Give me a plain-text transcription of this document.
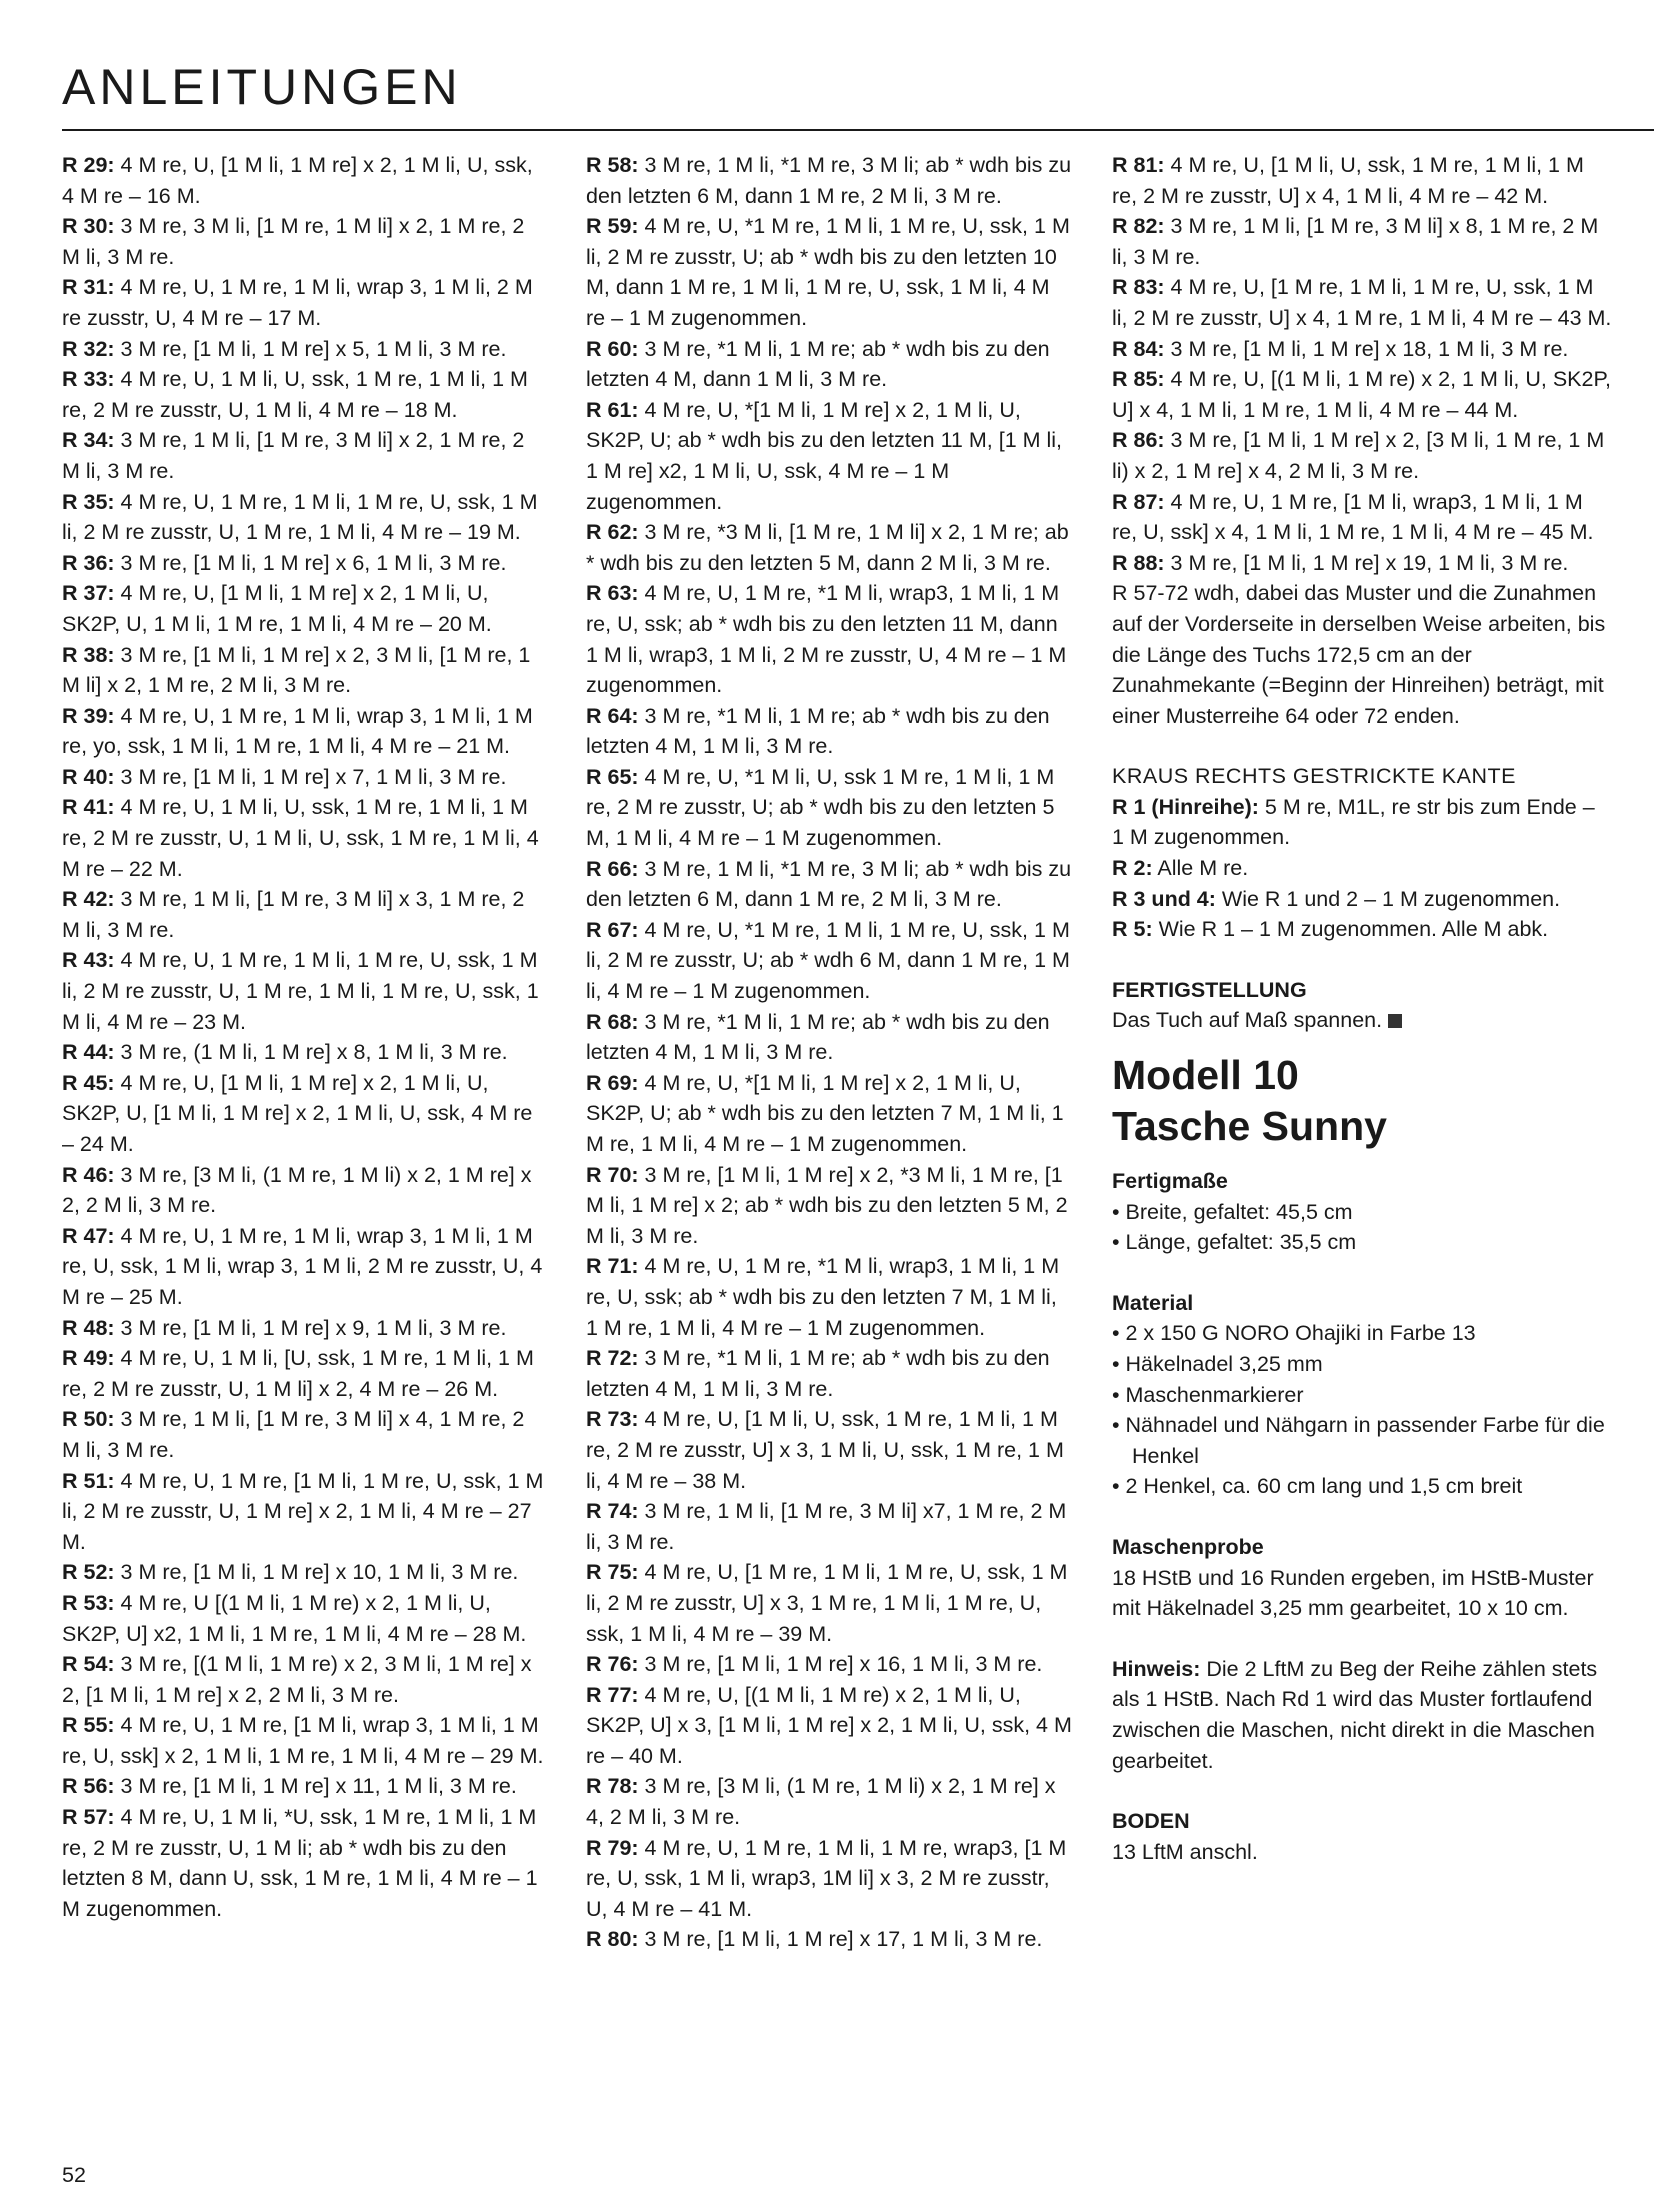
ANLEITUNGEN
R 29: 4 M re, U, [1 M li, 1 M re] x 2, 1 M li, U, ssk, 4 M re – 16 M.
R 30: 3 M re, 3 M li, [1 M re, 1 M li] x 2, 1 M re, 2 M li, 3 M re.
R 31: 4 M re, U, 1 M re, 1 M li, wrap 3, 1 M li, 2 M re zusstr, U, 4 M re – 17 M.
R 32: 3 M re, [1 M li, 1 M re] x 5, 1 M li, 3 M re.
R 33: 4 M re, U, 1 M li, U, ssk, 1 M re, 1 M li, 1 M re, 2 M re zusstr, U, 1 M li, 4 M re – 18 M.
R 34: 3 M re, 1 M li, [1 M re, 3 M li] x 2, 1 M re, 2 M li, 3 M re.
R 35: 4 M re, U, 1 M re, 1 M li, 1 M re, U, ssk, 1 M li, 2 M re zusstr, U, 1 M re, 1 M li, 4 M re – 19 M.
R 36: 3 M re, [1 M li, 1 M re] x 6, 1 M li, 3 M re.
R 37: 4 M re, U, [1 M li, 1 M re] x 2, 1 M li, U, SK2P, U, 1 M li, 1 M re, 1 M li, 4 M re – 20 M.
R 38: 3 M re, [1 M li, 1 M re] x 2, 3 M li, [1 M re, 1 M li] x 2, 1 M re, 2 M li, 3 M re.
R 39: 4 M re, U, 1 M re, 1 M li, wrap 3, 1 M li, 1 M re, yo, ssk, 1 M li, 1 M re, 1 M li, 4 M re – 21 M.
R 40: 3 M re, [1 M li, 1 M re] x 7, 1 M li, 3 M re.
R 41: 4 M re, U, 1 M li, U, ssk, 1 M re, 1 M li, 1 M re, 2 M re zusstr, U, 1 M li, U, ssk, 1 M re, 1 M li, 4 M re – 22 M.
R 42: 3 M re, 1 M li, [1 M re, 3 M li] x 3, 1 M re, 2 M li, 3 M re.
R 43: 4 M re, U, 1 M re, 1 M li, 1 M re, U, ssk, 1 M li, 2 M re zusstr, U, 1 M re, 1 M li, 1 M re, U, ssk, 1 M li, 4 M re – 23 M.
R 44: 3 M re, (1 M li, 1 M re] x 8, 1 M li, 3 M re.
R 45: 4 M re, U, [1 M li, 1 M re] x 2, 1 M li, U, SK2P, U, [1 M li, 1 M re] x 2, 1 M li, U, ssk, 4 M re – 24 M.
R 46: 3 M re, [3 M li, (1 M re, 1 M li) x 2, 1 M re] x 2, 2 M li, 3 M re.
R 47: 4 M re, U, 1 M re, 1 M li, wrap 3, 1 M li, 1 M re, U, ssk, 1 M li, wrap 3, 1 M li, 2 M re zusstr, U, 4 M re – 25 M.
R 48: 3 M re, [1 M li, 1 M re] x 9, 1 M li, 3 M re.
R 49: 4 M re, U, 1 M li, [U, ssk, 1 M re, 1 M li, 1 M re, 2 M re zusstr, U, 1 M li] x 2, 4 M re – 26 M.
R 50: 3 M re, 1 M li, [1 M re, 3 M li] x 4, 1 M re, 2 M li, 3 M re.
R 51: 4 M re, U, 1 M re, [1 M li, 1 M re, U, ssk, 1 M li, 2 M re zusstr, U, 1 M re] x 2, 1 M li, 4 M re – 27 M.
R 52: 3 M re, [1 M li, 1 M re] x 10, 1 M li, 3 M re.
R 53: 4 M re, U [(1 M li, 1 M re) x 2, 1 M li, U, SK2P, U] x2, 1 M li, 1 M re, 1 M li, 4 M re – 28 M.
R 54: 3 M re, [(1 M li, 1 M re) x 2, 3 M li, 1 M re] x 2, [1 M li, 1 M re] x 2, 2 M li, 3 M re.
R 55: 4 M re, U, 1 M re, [1 M li, wrap 3, 1 M li, 1 M re, U, ssk] x 2, 1 M li, 1 M re, 1 M li, 4 M re – 29 M.
R 56: 3 M re, [1 M li, 1 M re] x 11, 1 M li, 3 M re.
R 57: 4 M re, U, 1 M li, *U, ssk, 1 M re, 1 M li, 1 M re, 2 M re zusstr, U, 1 M li; ab * wdh bis zu den letzten 8 M, dann U, ssk, 1 M re, 1 M li, 4 M re – 1 M zugenommen.
R 58: 3 M re, 1 M li, *1 M re, 3 M li; ab * wdh bis zu den letzten 6 M, dann 1 M re, 2 M li, 3 M re.
R 59: 4 M re, U, *1 M re, 1 M li, 1 M re, U, ssk, 1 M li, 2 M re zusstr, U; ab * wdh bis zu den letzten 10 M, dann 1 M re, 1 M li, 1 M re, U, ssk, 1 M li, 4 M re – 1 M zugenommen.
R 60: 3 M re, *1 M li, 1 M re; ab * wdh bis zu den letzten 4 M, dann 1 M li, 3 M re.
R 61: 4 M re, U, *[1 M li, 1 M re] x 2, 1 M li, U, SK2P, U; ab * wdh bis zu den letzten 11 M, [1 M li, 1 M re] x2, 1 M li, U, ssk, 4 M re – 1 M zugenommen.
R 62: 3 M re, *3 M li, [1 M re, 1 M li] x 2, 1 M re; ab * wdh bis zu den letzten 5 M, dann 2 M li, 3 M re.
R 63: 4 M re, U, 1 M re, *1 M li, wrap3, 1 M li, 1 M re, U, ssk; ab * wdh bis zu den letzten 11 M, dann 1 M li, wrap3, 1 M li, 2 M re zusstr, U, 4 M re – 1 M zugenommen.
R 64: 3 M re, *1 M li, 1 M re; ab * wdh bis zu den letzten 4 M, 1 M li, 3 M re.
R 65: 4 M re, U, *1 M li, U, ssk 1 M re, 1 M li, 1 M re, 2 M re zusstr, U; ab * wdh bis zu den letzten 5 M, 1 M li, 4 M re – 1 M zugenommen.
R 66: 3 M re, 1 M li, *1 M re, 3 M li; ab * wdh bis zu den letzten 6 M, dann 1 M re, 2 M li, 3 M re.
R 67: 4 M re, U, *1 M re, 1 M li, 1 M re, U, ssk, 1 M li, 2 M re zusstr, U; ab * wdh 6 M, dann 1 M re, 1 M li, 4 M re – 1 M zugenommen.
R 68: 3 M re, *1 M li, 1 M re; ab * wdh bis zu den letzten 4 M, 1 M li, 3 M re.
R 69: 4 M re, U, *[1 M li, 1 M re] x 2, 1 M li, U, SK2P, U; ab * wdh bis zu den letzten 7 M, 1 M li, 1 M re, 1 M li, 4 M re – 1 M zugenommen.
R 70: 3 M re, [1 M li, 1 M re] x 2, *3 M li, 1 M re, [1 M li, 1 M re] x 2; ab * wdh bis zu den letzten 5 M, 2 M li, 3 M re.
R 71: 4 M re, U, 1 M re, *1 M li, wrap3, 1 M li, 1 M re, U, ssk; ab * wdh bis zu den letzten 7 M, 1 M li, 1 M re, 1 M li, 4 M re – 1 M zugenommen.
R 72: 3 M re, *1 M li, 1 M re; ab * wdh bis zu den letzten 4 M, 1 M li, 3 M re.
R 73: 4 M re, U, [1 M li, U, ssk, 1 M re, 1 M li, 1 M re, 2 M re zusstr, U] x 3, 1 M li, U, ssk, 1 M re, 1 M li, 4 M re – 38 M.
R 74: 3 M re, 1 M li, [1 M re, 3 M li] x7, 1 M re, 2 M li, 3 M re.
R 75: 4 M re, U, [1 M re, 1 M li, 1 M re, U, ssk, 1 M li, 2 M re zusstr, U] x 3, 1 M re, 1 M li, 1 M re, U, ssk, 1 M li, 4 M re – 39 M.
R 76: 3 M re, [1 M li, 1 M re] x 16, 1 M li, 3 M re.
R 77: 4 M re, U, [(1 M li, 1 M re) x 2, 1 M li, U, SK2P, U] x 3, [1 M li, 1 M re] x 2, 1 M li, U, ssk, 4 M re – 40 M.
R 78: 3 M re, [3 M li, (1 M re, 1 M li) x 2, 1 M re] x 4, 2 M li, 3 M re.
R 79: 4 M re, U, 1 M re, 1 M li, 1 M re, wrap3, [1 M re, U, ssk, 1 M li, wrap3, 1M li] x 3, 2 M re zusstr, U, 4 M re – 41 M.
R 80: 3 M re, [1 M li, 1 M re] x 17, 1 M li, 3 M re.
R 81: 4 M re, U, [1 M li, U, ssk, 1 M re, 1 M li, 1 M re, 2 M re zusstr, U] x 4, 1 M li, 4 M re – 42 M.
R 82: 3 M re, 1 M li, [1 M re, 3 M li] x 8, 1 M re, 2 M li, 3 M re.
R 83: 4 M re, U, [1 M re, 1 M li, 1 M re, U, ssk, 1 M li, 2 M re zusstr, U] x 4, 1 M re, 1 M li, 4 M re – 43 M.
R 84: 3 M re, [1 M li, 1 M re] x 18, 1 M li, 3 M re.
R 85: 4 M re, U, [(1 M li, 1 M re) x 2, 1 M li, U, SK2P, U] x 4, 1 M li, 1 M re, 1 M li, 4 M re – 44 M.
R 86: 3 M re, [1 M li, 1 M re] x 2, [3 M li, 1 M re, 1 M li) x 2, 1 M re] x 4, 2 M li, 3 M re.
R 87: 4 M re, U, 1 M re, [1 M li, wrap3, 1 M li, 1 M re, U, ssk] x 4, 1 M li, 1 M re, 1 M li, 4 M re – 45 M.
R 88: 3 M re, [1 M li, 1 M re] x 19, 1 M li, 3 M re.
R 57-72 wdh, dabei das Muster und die Zunahmen auf der Vorderseite in derselben Weise arbeiten, bis die Länge des Tuchs 172,5 cm an der Zunahmekante (=Beginn der Hinreihen) beträgt, mit einer Musterreihe 64 oder 72 enden.
KRAUS RECHTS GESTRICKTE KANTE
R 1 (Hinreihe): 5 M re, M1L, re str bis zum Ende – 1 M zugenommen.
R 2: Alle M re.
R 3 und 4: Wie R 1 und 2 – 1 M zugenommen.
R 5: Wie R 1 – 1 M zugenommen. Alle M abk.
FERTIGSTELLUNG
Das Tuch auf Maß spannen.
Modell 10
Tasche Sunny
Fertigmaße
• Breite, gefaltet: 45,5 cm
• Länge, gefaltet: 35,5 cm
Material
• 2 x 150 G NORO Ohajiki in Farbe 13
• Häkelnadel 3,25 mm
• Maschenmarkierer
• Nähnadel und Nähgarn in passender Farbe für die Henkel
• 2 Henkel, ca. 60 cm lang und 1,5 cm breit
Maschenprobe
18 HStB und 16 Runden ergeben, im HStB-Muster mit Häkelnadel 3,25 mm gearbeitet, 10 x 10 cm.
Hinweis: Die 2 LftM zu Beg der Reihe zählen stets als 1 HStB. Nach Rd 1 wird das Muster fortlaufend zwischen die Maschen, nicht direkt in die Maschen gearbeitet.
BODEN
13 LftM anschl.
52
